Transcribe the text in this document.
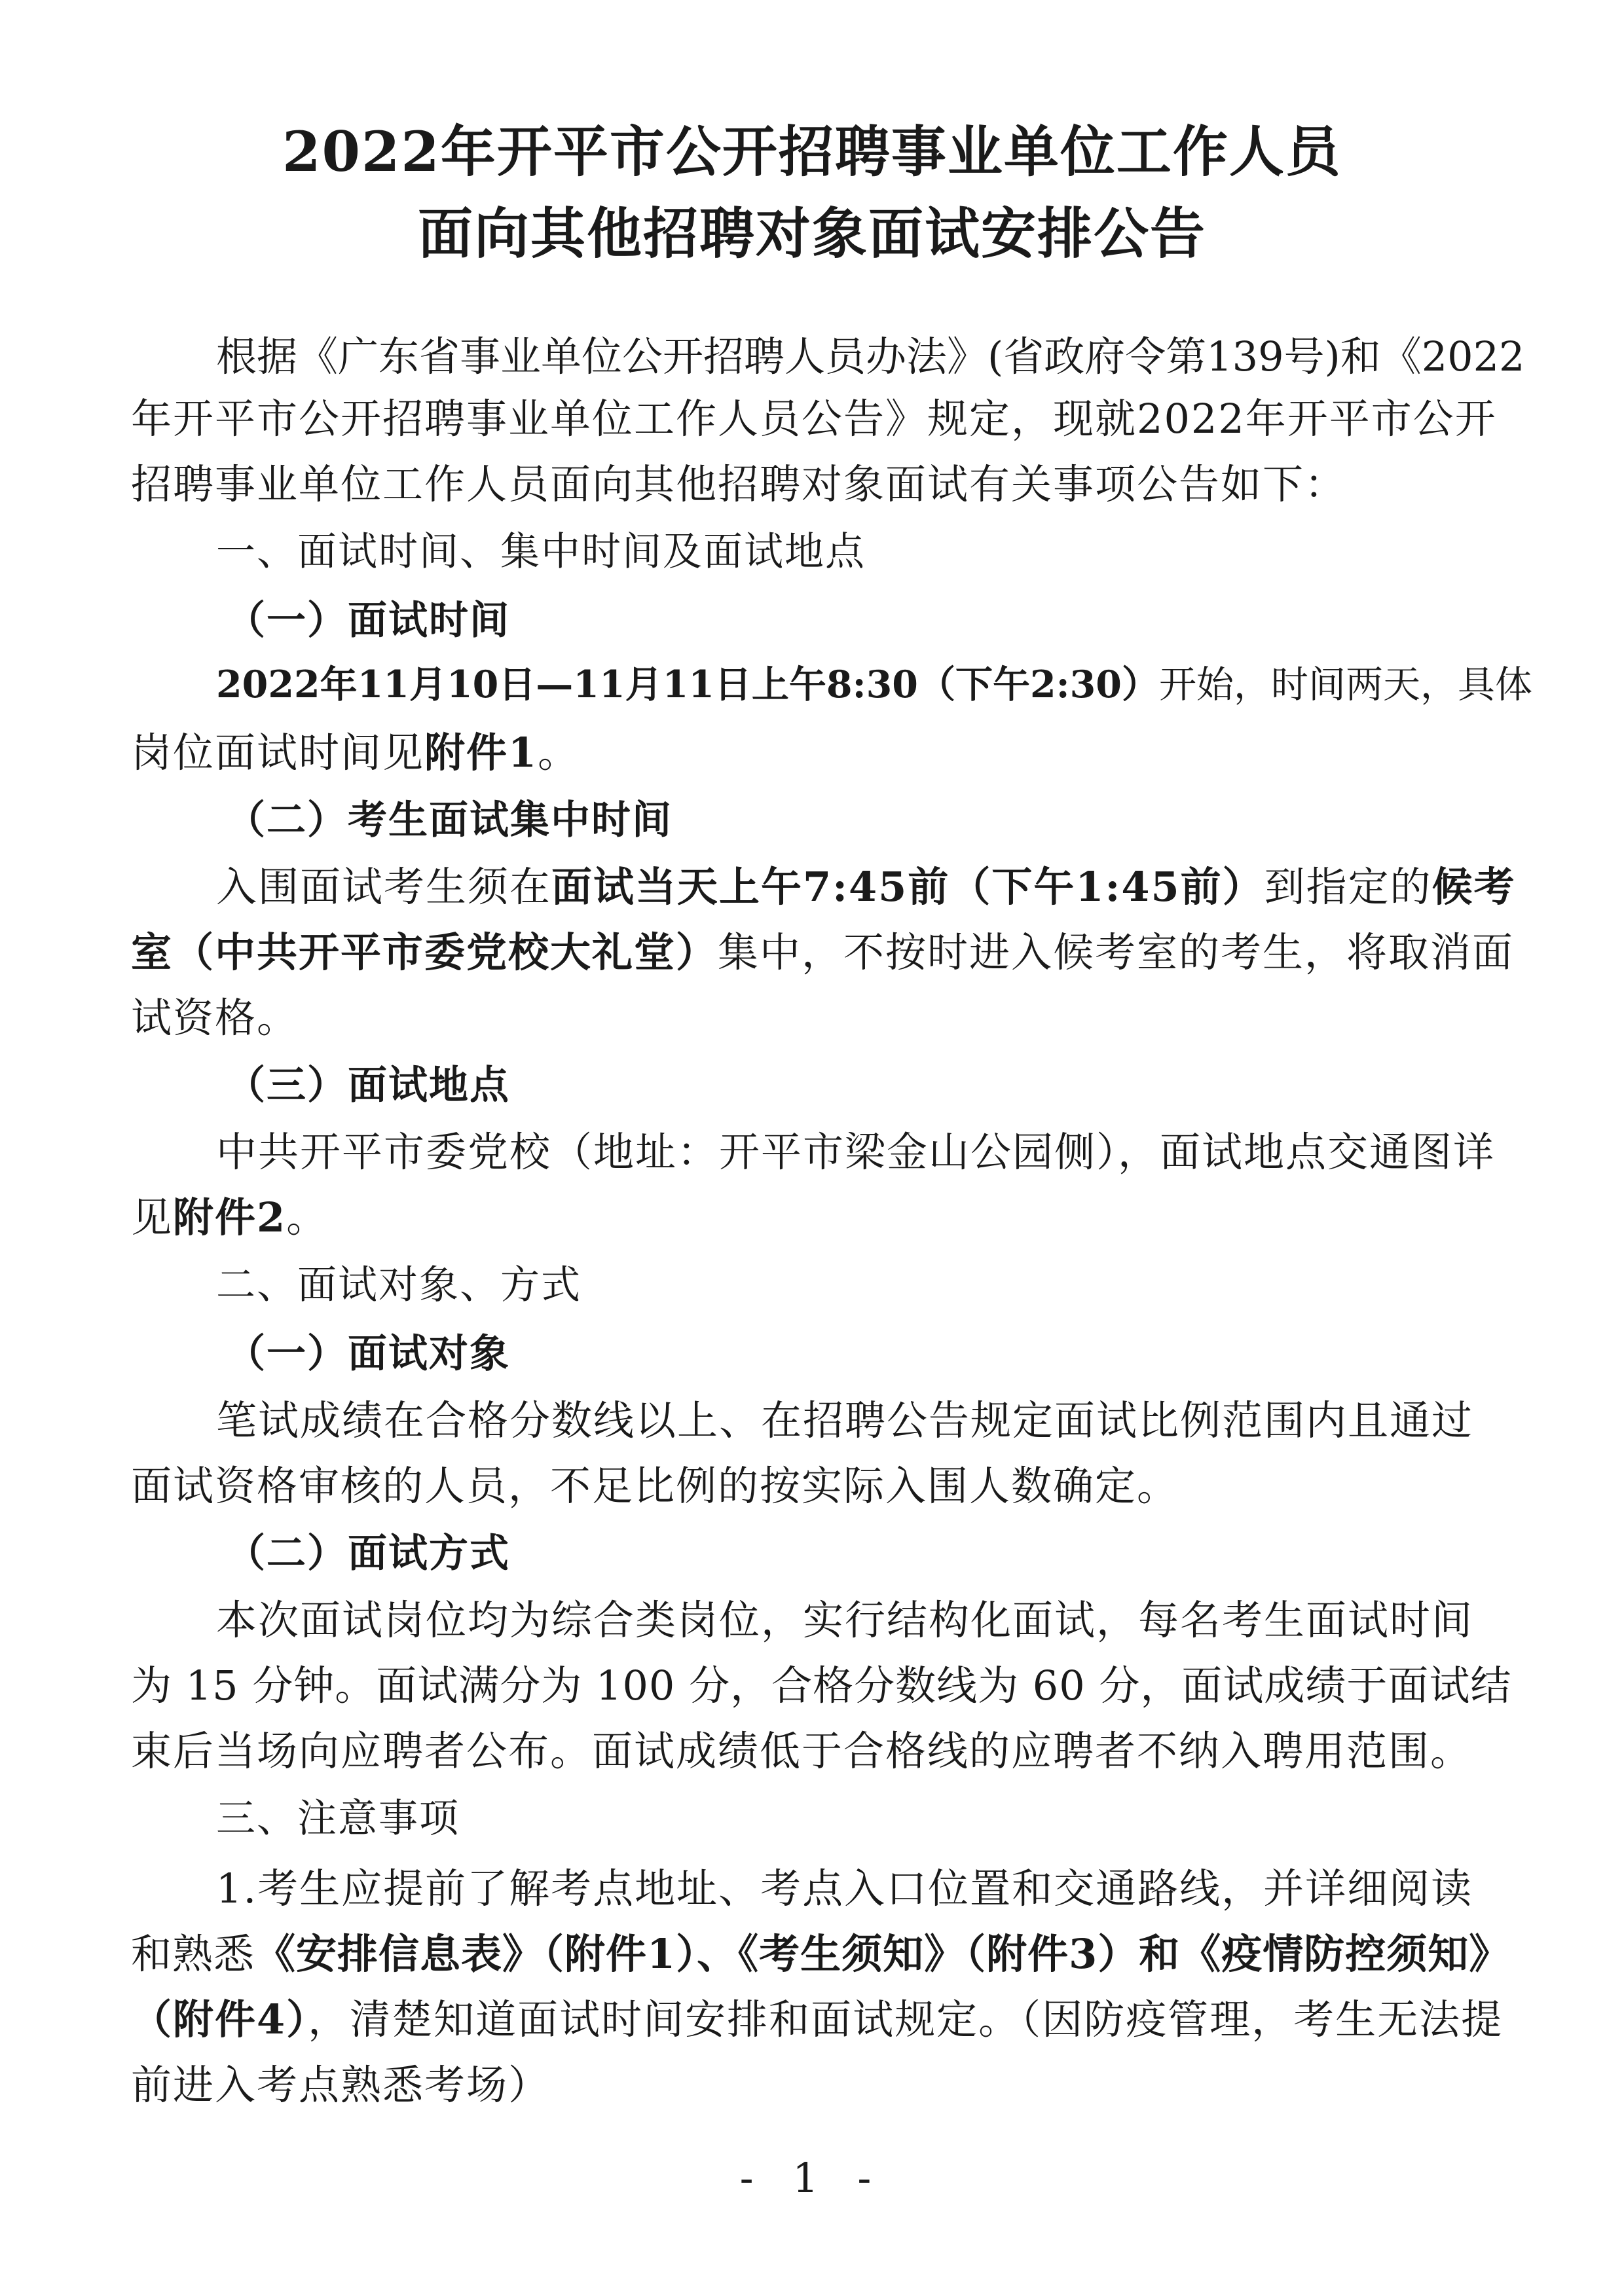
2022年开平市公开招聘事业单位工作人员
面向其他招聘对象面试安排公告
根据《广东省事业单位公开招聘人员办法》(省政府令第139号)和《2022
年开平市公开招聘事业单位工作人员公告》规定，现就2022年开平市公开
招聘事业单位工作人员面向其他招聘对象面试有关事项公告如下：
一、面试时间、集中时间及面试地点
（一）面试时间
2022年11月10日—11月11日上午8:30（下午2:30）开始，时间两天，具体
岗位面试时间见附件1。
（二）考生面试集中时间
入围面试考生须在面试当天上午7:45前（下午1:45前）到指定的候考
室（中共开平市委党校大礼堂）集中，不按时进入候考室的考生，将取消面
试资格。
（三）面试地点
中共开平市委党校（地址：开平市梁金山公园侧），面试地点交通图详
见附件2。
二、面试对象、方式
（一）面试对象
笔试成绩在合格分数线以上、在招聘公告规定面试比例范围内且通过
面试资格审核的人员，不足比例的按实际入围人数确定。
（二）面试方式
本次面试岗位均为综合类岗位，实行结构化面试，每名考生面试时间
为 15 分钟。面试满分为 100 分，合格分数线为 60 分，面试成绩于面试结
束后当场向应聘者公布。面试成绩低于合格线的应聘者不纳入聘用范围。
三、注意事项
1.考生应提前了解考点地址、考点入口位置和交通路线，并详细阅读
和熟悉《安排信息表》（附件1）、《考生须知》（附件3）和《疫情防控须知》
（附件4），清楚知道面试时间安排和面试规定。（因防疫管理，考生无法提
前进入考点熟悉考场）
- 1 -
